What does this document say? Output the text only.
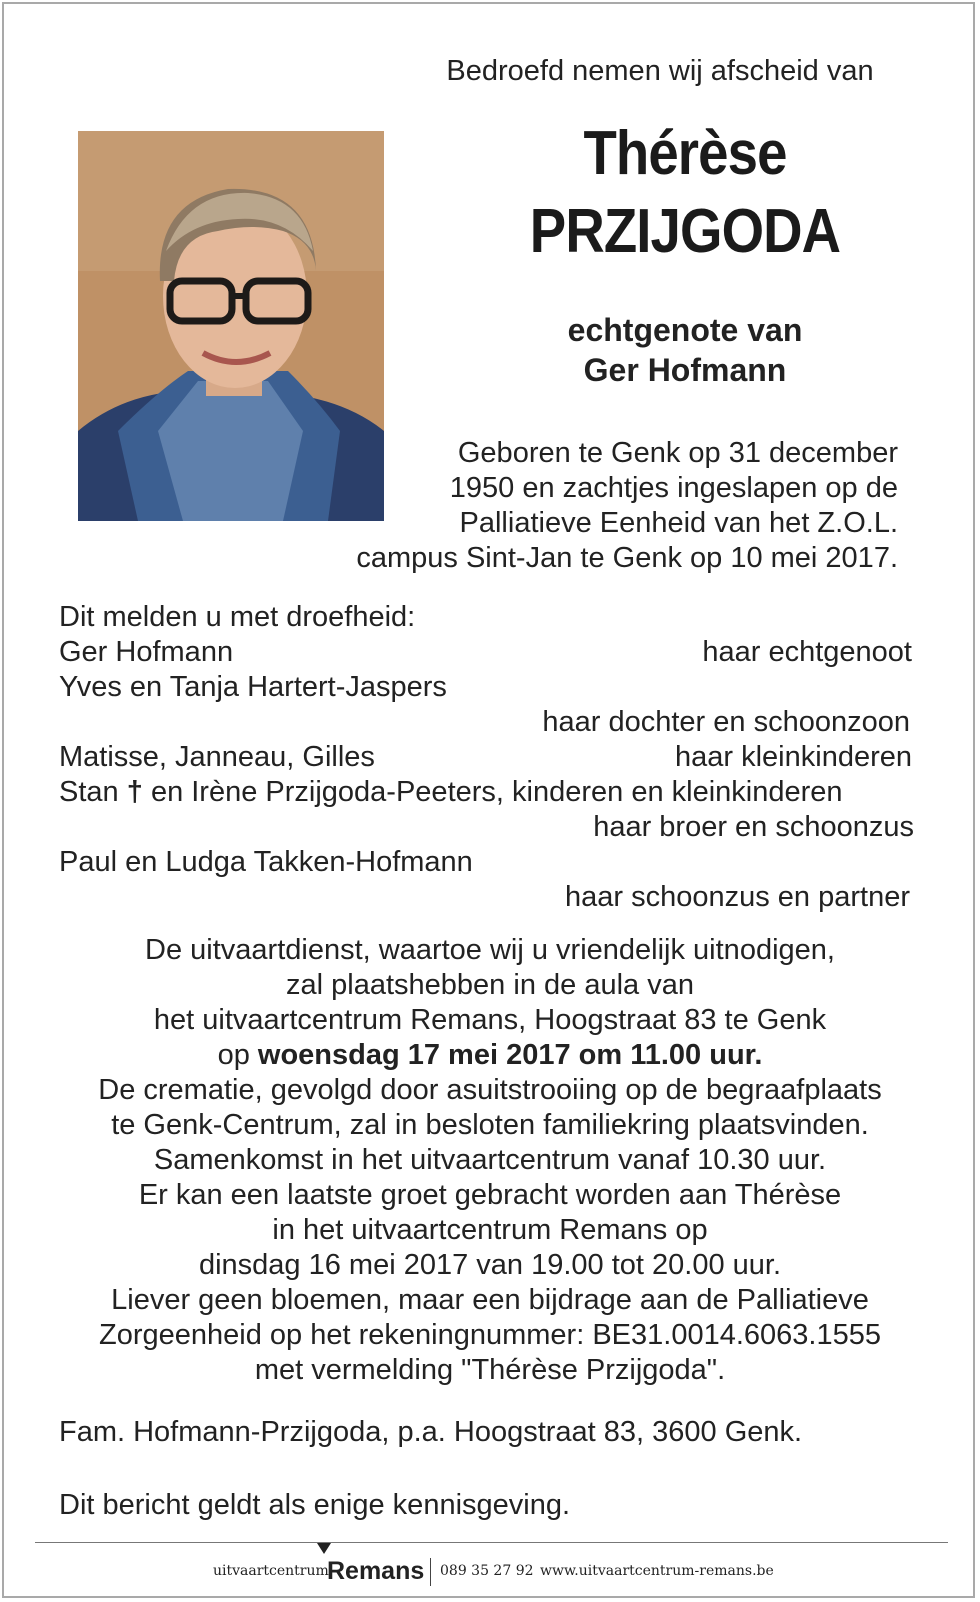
Bedroefd nemen wij afscheid van
Thérèse
PRZIJGODA
echtgenote van
Ger Hofmann
Geboren te Genk op 31 december
1950 en zachtjes ingeslapen op de
Palliatieve Eenheid van het Z.O.L.
campus Sint-Jan te Genk op 10 mei 2017.
Dit melden u met droefheid:
Ger Hofmann	haar echtgenoot
Yves en Tanja Hartert-Jaspers
haar dochter en schoonzoon
Matisse, Janneau, Gilles	haar kleinkinderen
Stan † en Irène Przijgoda-Peeters, kinderen en kleinkinderen
haar broer en schoonzus
Paul en Ludga Takken-Hofmann
haar schoonzus en partner
De uitvaartdienst, waartoe wij u vriendelijk uitnodigen,
zal plaatshebben in de aula van
het uitvaartcentrum Remans, Hoogstraat 83 te Genk
op woensdag 17 mei 2017 om 11.00 uur.
De crematie, gevolgd door asuitstrooiing op de begraafplaats
te Genk-Centrum, zal in besloten familiekring plaatsvinden.
Samenkomst in het uitvaartcentrum vanaf 10.30 uur.
Er kan een laatste groet gebracht worden aan Thérèse
in het uitvaartcentrum Remans op
dinsdag 16 mei 2017 van 19.00 tot 20.00 uur.
Liever geen bloemen, maar een bijdrage aan de Palliatieve
Zorgeenheid op het rekeningnummer: BE31.0014.6063.1555
met vermelding "Thérèse Przijgoda".
Fam. Hofmann-Przijgoda, p.a. Hoogstraat 83, 3600 Genk.
Dit bericht geldt als enige kennisgeving.
uitvaartcentrum
Remans 089 35 27 92 www.uitvaartcentrum-remans.be
